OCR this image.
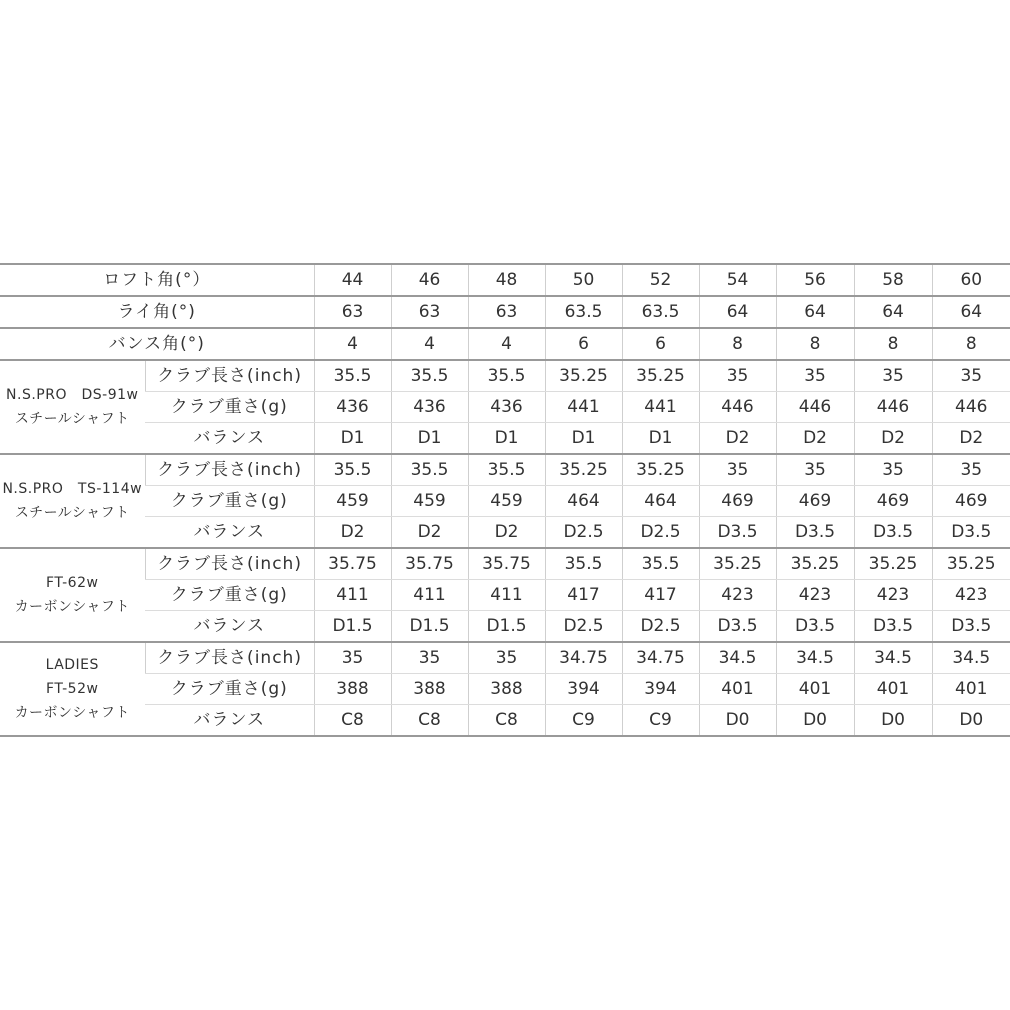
ロフト角(°）		44	46	48	50	52	54	56	58	60
ライ角(°)		63	63	63	63.5	63.5	64	64	64	64
バンス角(°)		4	4	4	6	6	8	8	8	8

N.S.PRO　DS-91w
スチールシャフト	クラブ長さ(inch)	35.5	35.5	35.5	35.25	35.25	35	35	35	35
	クラブ重さ(g)	436	436	436	441	441	446	446	446	446
	バランス	D1	D1	D1	D1	D1	D2	D2	D2	D2

N.S.PRO　TS-114w
スチールシャフト	クラブ長さ(inch)	35.5	35.5	35.5	35.25	35.25	35	35	35	35
	クラブ重さ(g)	459	459	459	464	464	469	469	469	469
	バランス	D2	D2	D2	D2.5	D2.5	D3.5	D3.5	D3.5	D3.5

FT-62w
カーボンシャフト	クラブ長さ(inch)	35.75	35.75	35.75	35.5	35.5	35.25	35.25	35.25	35.25
	クラブ重さ(g)	411	411	411	417	417	423	423	423	423
	バランス	D1.5	D1.5	D1.5	D2.5	D2.5	D3.5	D3.5	D3.5	D3.5

LADIES
FT-52w
カーボンシャフト	クラブ長さ(inch)	35	35	35	34.75	34.75	34.5	34.5	34.5	34.5
	クラブ重さ(g)	388	388	388	394	394	401	401	401	401
	バランス	C8	C8	C8	C9	C9	D0	D0	D0	D0
